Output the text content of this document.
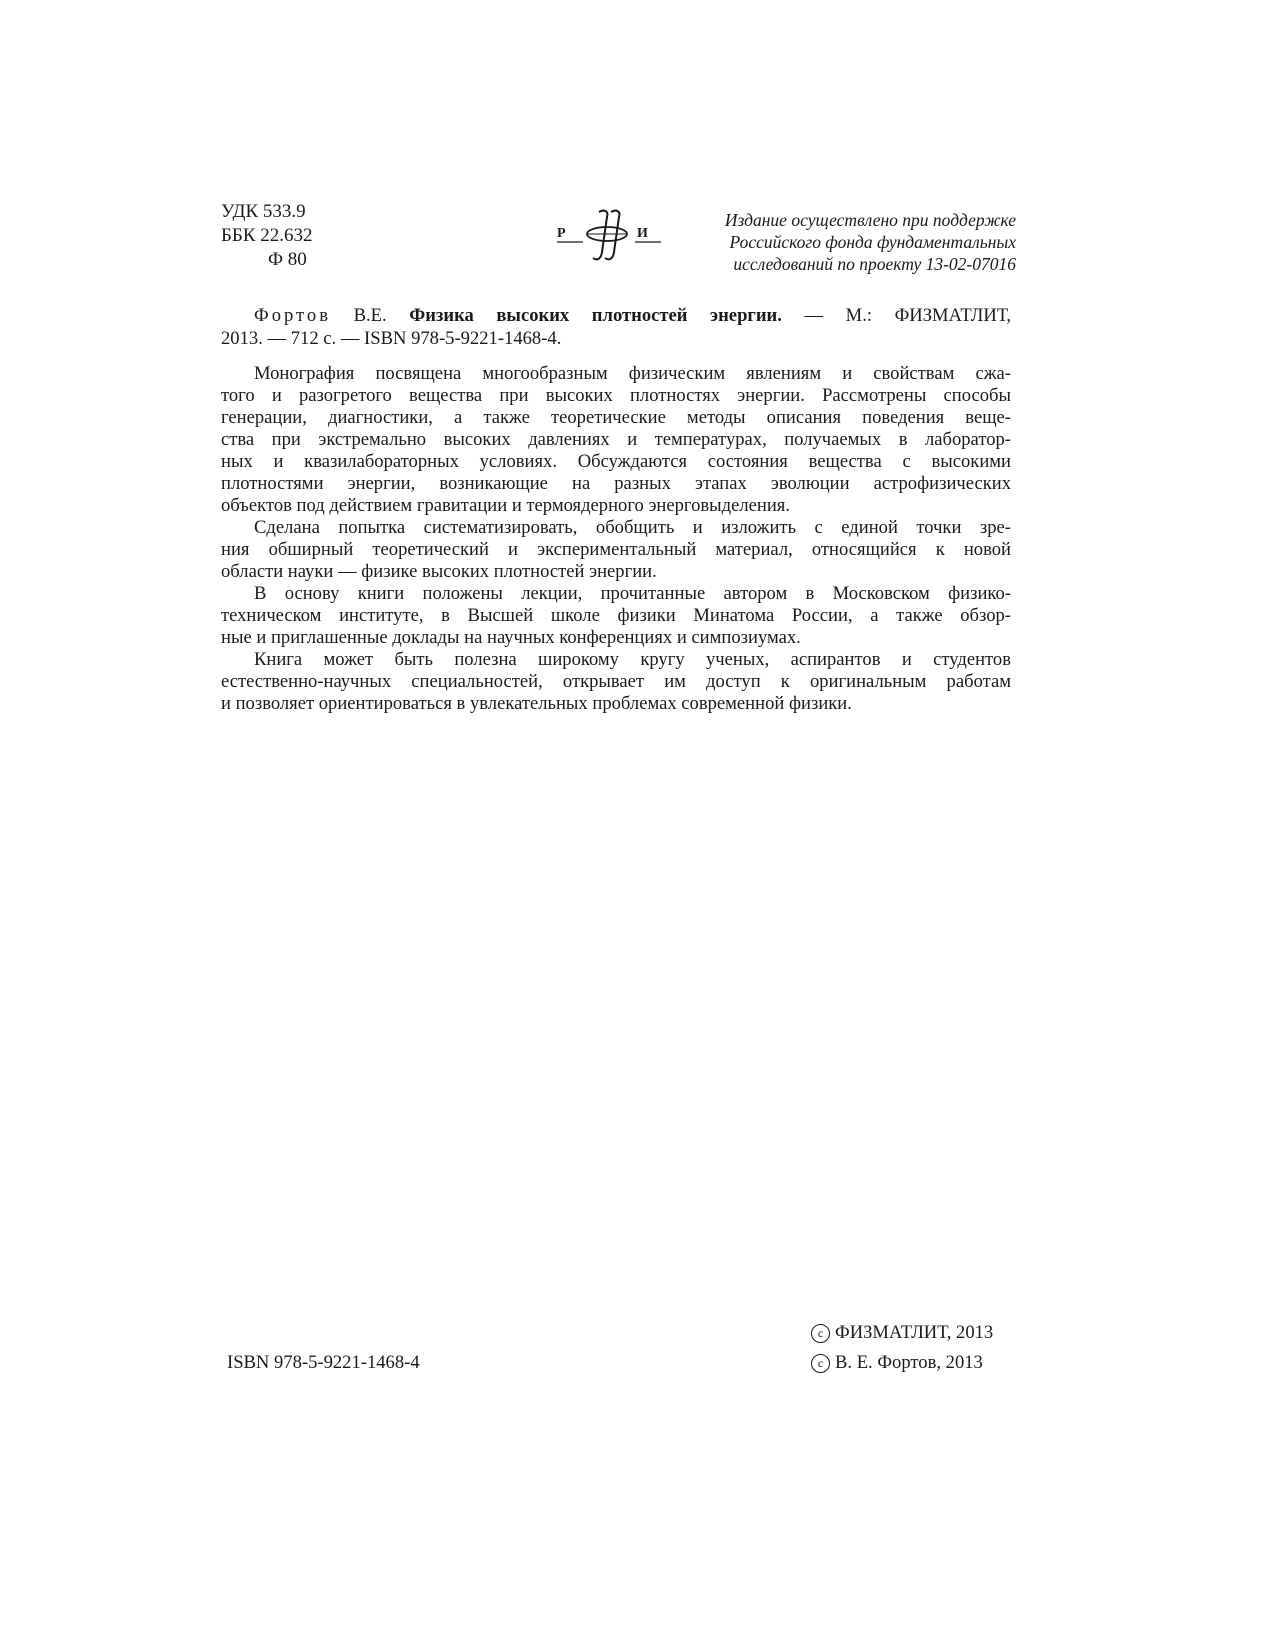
УДК 533.9
ББК 22.632
Ф 80
Р	И
Издание осуществлено при поддержке
Российского фонда фундаментальных
исследований по проекту 13-02-07016
Фортов В.Е. Физика высоких плотностей энергии. — М.: ФИЗМАТЛИТ,
2013. — 712 с. — ISBN 978-5-9221-1468-4.
Монография посвящена многообразным физическим явлениям и свойствам сжа-
того и разогретого вещества при высоких плотностях энергии. Рассмотрены способы
генерации, диагностики, а также теоретические методы описания поведения веще-
ства при экстремально высоких давлениях и температурах, получаемых в лаборатор-
ных и квазилабораторных условиях. Обсуждаются состояния вещества с высокими
плотностями энергии, возникающие на разных этапах эволюции астрофизических
объектов под действием гравитации и термоядерного энерговыделения.
Сделана попытка систематизировать, обобщить и изложить с единой точки зре-
ния обширный теоретический и экспериментальный материал, относящийся к новой
области науки — физике высоких плотностей энергии.
В основу книги положены лекции, прочитанные автором в Московском физико-
техническом институте, в Высшей школе физики Минатома России, а также обзор-
ные и приглашенные доклады на научных конференциях и симпозиумах.
Книга может быть полезна широкому кругу ученых, аспирантов и студентов
естественно-научных специальностей, открывает им доступ к оригинальным работам
и позволяет ориентироваться в увлекательных проблемах современной физики.
ISBN 978-5-9221-1468-4
c ФИЗМАТЛИТ, 2013
c В. Е. Фортов, 2013
